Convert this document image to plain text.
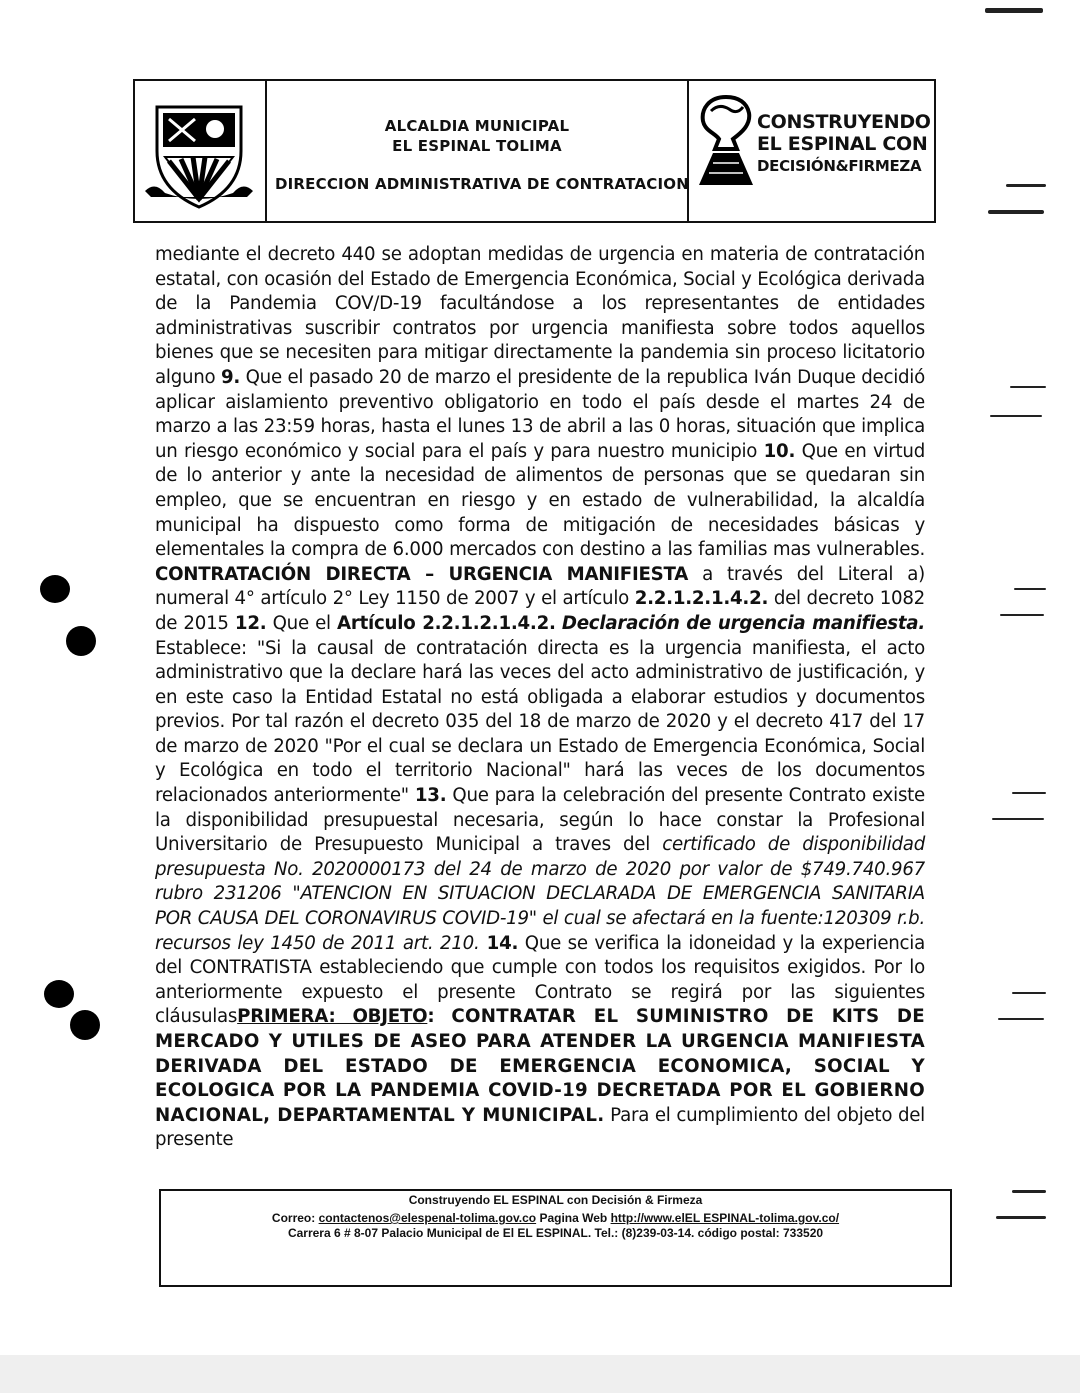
ALCALDIA MUNICIPAL
EL ESPINAL TOLIMA
DIRECCION ADMINISTRATIVA DE CONTRATACION
CONSTRUYENDO
EL ESPINAL CON
DECISIÓN&FIRMEZA
mediante el decreto 440 se adoptan medidas de urgencia en materia de contratación estatal, con ocasión del Estado de Emergencia Económica, Social y Ecológica derivada de la Pandemia COV/D-19 facultándose a los representantes de entidades administrativas suscribir contratos por urgencia manifiesta sobre todos aquellos bienes que se necesiten para mitigar directamente la pandemia sin proceso licitatorio alguno 9. Que el pasado 20 de marzo el presidente de la republica Iván Duque decidió aplicar aislamiento preventivo obligatorio en todo el país desde el martes 24 de marzo a las 23:59 horas, hasta el lunes 13 de abril a las 0 horas, situación que implica un riesgo económico y social para el país y para nuestro municipio 10. Que en virtud de lo anterior y ante la necesidad de alimentos de personas que se quedaran sin empleo, que se encuentran en riesgo y en estado de vulnerabilidad, la alcaldía municipal ha dispuesto como forma de mitigación de necesidades básicas y elementales la compra de 6.000 mercados con destino a las familias mas vulnerables. CONTRATACIÓN DIRECTA – URGENCIA MANIFIESTA a través del Literal a) numeral 4° artículo 2° Ley 1150 de 2007 y el artículo 2.2.1.2.1.4.2. del decreto 1082 de 2015 12. Que el Artículo 2.2.1.2.1.4.2. Declaración de urgencia manifiesta. Establece: "Si la causal de contratación directa es la urgencia manifiesta, el acto administrativo que la declare hará las veces del acto administrativo de justificación, y en este caso la Entidad Estatal no está obligada a elaborar estudios y documentos previos. Por tal razón el decreto 035 del 18 de marzo de 2020 y el decreto 417 del 17 de marzo de 2020 "Por el cual se declara un Estado de Emergencia Económica, Social y Ecológica en todo el territorio Nacional" hará las veces de los documentos relacionados anteriormente" 13. Que para la celebración del presente Contrato existe la disponibilidad presupuestal necesaria, según lo hace constar la Profesional Universitario de Presupuesto Municipal a traves del certificado de disponibilidad presupuesta No. 2020000173 del 24 de marzo de 2020 por valor de $749.740.967 rubro 231206 "ATENCION EN SITUACION DECLARADA DE EMERGENCIA SANITARIA POR CAUSA DEL CORONAVIRUS COVID-19" el cual se afectará en la fuente:120309 r.b. recursos ley 1450 de 2011 art. 210. 14. Que se verifica la idoneidad y la experiencia del CONTRATISTA estableciendo que cumple con todos los requisitos exigidos. Por lo anteriormente expuesto el presente Contrato se regirá por las siguientes cláusulasPRIMERA: OBJETO: CONTRATAR EL SUMINISTRO DE KITS DE MERCADO Y UTILES DE ASEO PARA ATENDER LA URGENCIA MANIFIESTA DERIVADA DEL ESTADO DE EMERGENCIA ECONOMICA, SOCIAL Y ECOLOGICA POR LA PANDEMIA COVID-19 DECRETADA POR EL GOBIERNO NACIONAL, DEPARTAMENTAL Y MUNICIPAL. Para el cumplimiento del objeto del presente
Construyendo EL ESPINAL con Decisión & Firmeza
Correo: contactenos@elespenal-tolima.gov.co Pagina Web http://www.elEL ESPINAL-tolima.gov.co/
Carrera 6 # 8-07 Palacio Municipal de El EL ESPINAL. Tel.: (8)239-03-14. código postal: 733520
